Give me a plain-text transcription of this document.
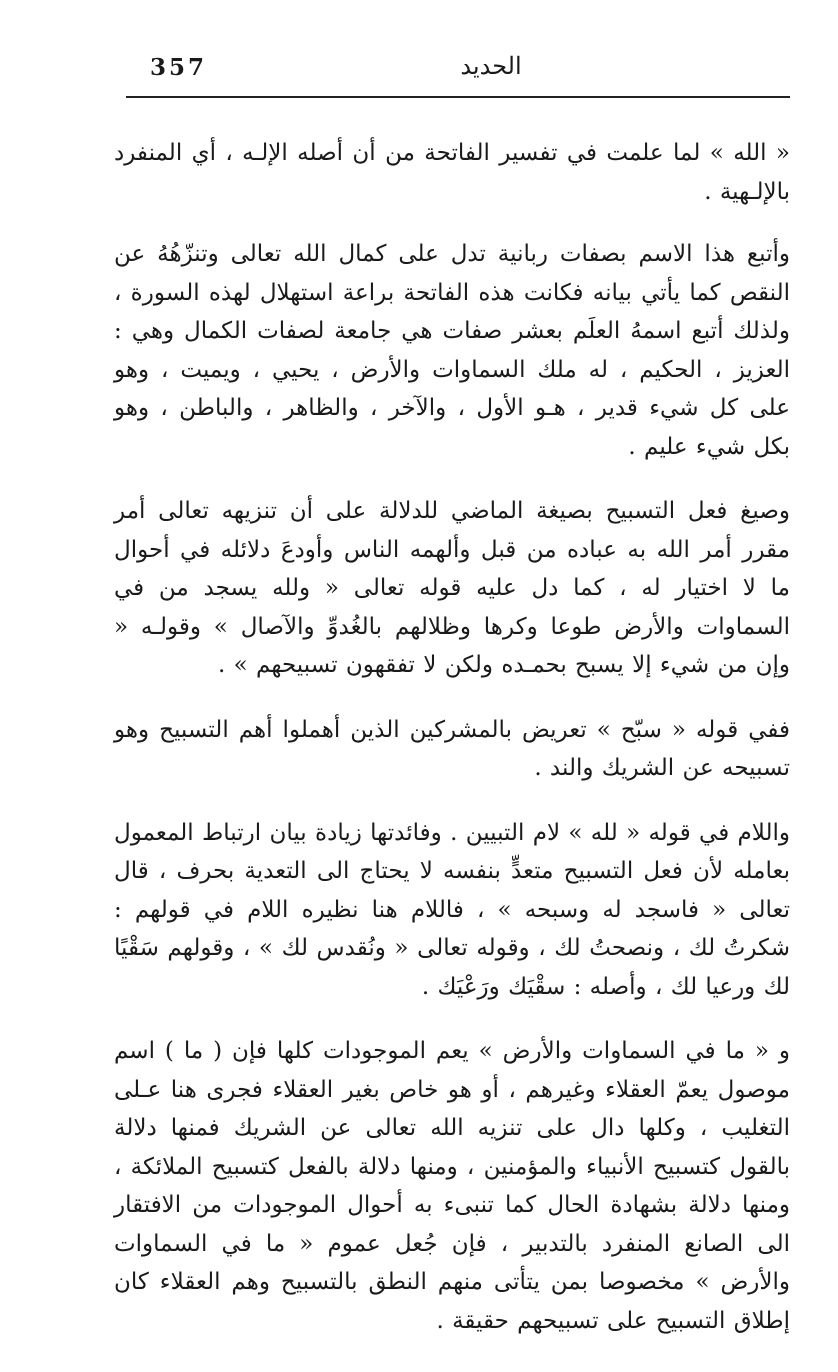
357	الحديد

« الله » لما علمت في تفسير الفاتحة من أن أصله الإلـه ، أي المنفرد بالإلـهية .

وأتبع هذا الاسم بصفات ربانية تدل على كمال الله تعالى وتنزّهُهُ عن النقص كما يأتي بيانه فكانت هذه الفاتحة براعة استهلال لهذه السورة ، ولذلك أتبع اسمهُ العلَم بعشر صفات هي جامعة لصفات الكمال وهي : العزيز ، الحكيم ، له ملك السماوات والأرض ، يحيي ، ويميت ، وهو على كل شيء قدير ، هـو الأول ، والآخر ، والظاهر ، والباطن ، وهو بكل شيء عليم .

وصيغ فعل التسبيح بصيغة الماضي للدلالة على أن تنزيهه تعالى أمر مقرر أمر الله به عباده من قبل وألهمه الناس وأودعَ دلائله في أحوال ما لا اختيار له ، كما دل عليه قوله تعالى « ولله يسجد من في السماوات والأرض طوعا وكرها وظلالهم بالغُدوِّ والآصال » وقولـه « وإن من شيء إلا يسبح بحمـده ولكن لا تفقهون تسبيحهم » .

ففي قوله « سبّح » تعريض بالمشركين الذين أهملوا أهم التسبيح وهو تسبيحه عن الشريك والند .

واللام في قوله « لله » لام التبيين . وفائدتها زيادة بيان ارتباط المعمول بعامله لأن فعل التسبيح متعدٍّ بنفسه لا يحتاج الى التعدية بحرف ، قال تعالى « فاسجد له وسبحه » ، فاللام هنا نظيره اللام في قولهم : شكرتُ لك ، ونصحتُ لك ، وقوله تعالى « ونُقدس لك » ، وقولهم سَقْيًا لك ورعيا لك ، وأصله : سقْيَك ورَعْيَك .

و « ما في السماوات والأرض » يعم الموجودات كلها فإن ( ما ) اسم موصول يعمّ العقلاء وغيرهم ، أو هو خاص بغير العقلاء فجرى هنا عـلى التغليب ، وكلها دال على تنزيه الله تعالى عن الشريك فمنها دلالة بالقول كتسبيح الأنبياء والمؤمنين ، ومنها دلالة بالفعل كتسبيح الملائكة ، ومنها دلالة بشهادة الحال كما تنبىء به أحوال الموجودات من الافتقار الى الصانع المنفرد بالتدبير ، فإن جُعل عموم « ما في السماوات والأرض » مخصوصا بمن يتأتى منهم النطق بالتسبيح وهم العقلاء كان إطلاق التسبيح على تسبيحهم حقيقة .
